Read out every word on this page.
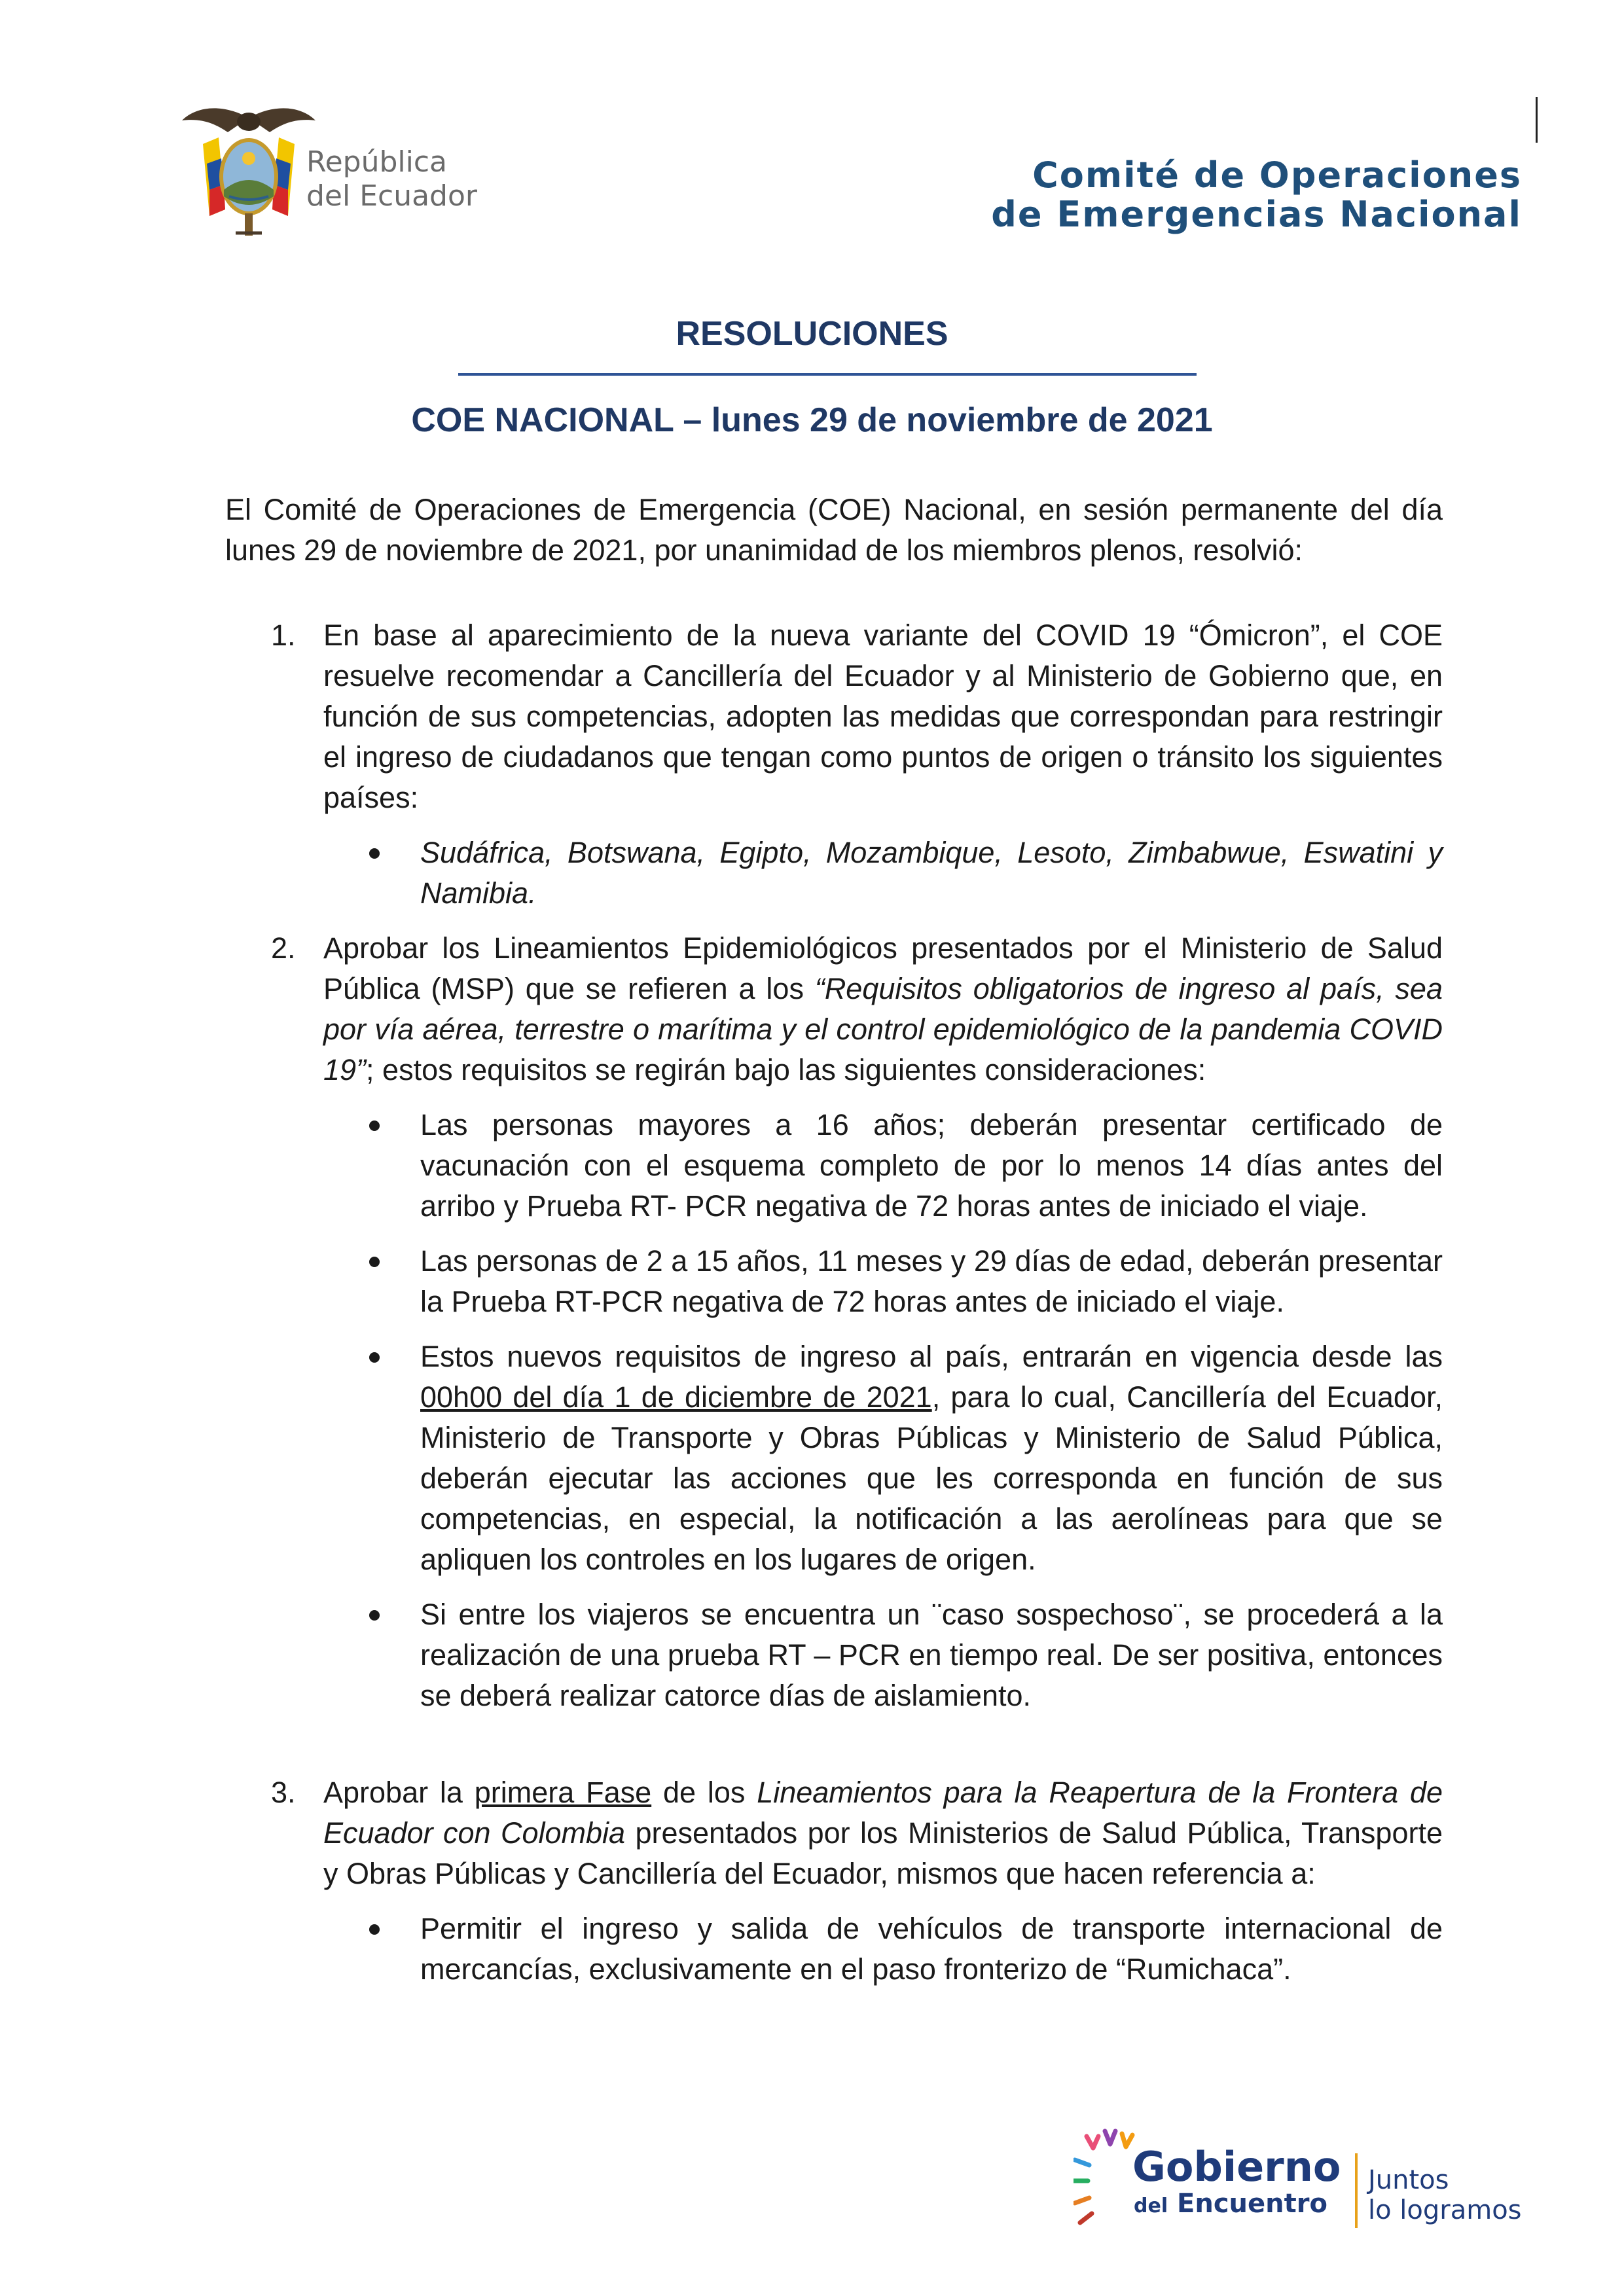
República
del Ecuador
Comité de Operaciones
de Emergencias Nacional
RESOLUCIONES
COE NACIONAL – lunes 29 de noviembre de 2021

El Comité de Operaciones de Emergencia (COE) Nacional, en sesión permanente del día lunes 29 de noviembre de 2021, por unanimidad de los miembros plenos, resolvió:

1. En base al aparecimiento de la nueva variante del COVID 19 “Ómicron”, el COE resuelve recomendar a Cancillería del Ecuador y al Ministerio de Gobierno que, en función de sus competencias, adopten las medidas que correspondan para restringir el ingreso de ciudadanos que tengan como puntos de origen o tránsito los siguientes países:

Sudáfrica, Botswana, Egipto, Mozambique, Lesoto, Zimbabwue, Eswatini y Namibia.
2. Aprobar los Lineamientos Epidemiológicos presentados por el Ministerio de Salud Pública (MSP) que se refieren a los “Requisitos obligatorios de ingreso al país, sea por vía aérea, terrestre o marítima y el control epidemiológico de la pandemia COVID 19”; estos requisitos se regirán bajo las siguientes consideraciones:

Las personas mayores a 16 años; deberán presentar certificado de vacunación con el esquema completo de por lo menos 14 días antes del arribo y Prueba RT- PCR negativa de 72 horas antes de iniciado el viaje.
Las personas de 2 a 15 años, 11 meses y 29 días de edad, deberán presentar la Prueba RT-PCR negativa de 72 horas antes de iniciado el viaje.
Estos nuevos requisitos de ingreso al país, entrarán en vigencia desde las 00h00 del día 1 de diciembre de 2021, para lo cual, Cancillería del Ecuador, Ministerio de Transporte y Obras Públicas y Ministerio de Salud Pública, deberán ejecutar las acciones que les corresponda en función de sus competencias, en especial, la notificación a las aerolíneas para que se apliquen los controles en los lugares de origen.
Si entre los viajeros se encuentra un ¨caso sospechoso¨, se procederá a la realización de una prueba RT – PCR en tiempo real. De ser positiva, entonces se deberá realizar catorce días de aislamiento.
3. Aprobar la primera Fase de los Lineamientos para la Reapertura de la Frontera de Ecuador con Colombia presentados por los Ministerios de Salud Pública, Transporte y Obras Públicas y Cancillería del Ecuador, mismos que hacen referencia a:

Permitir el ingreso y salida de vehículos de transporte internacional de mercancías, exclusivamente en el paso fronterizo de “Rumichaca”.
Gobierno
del Encuentro
Juntos
lo logramos
